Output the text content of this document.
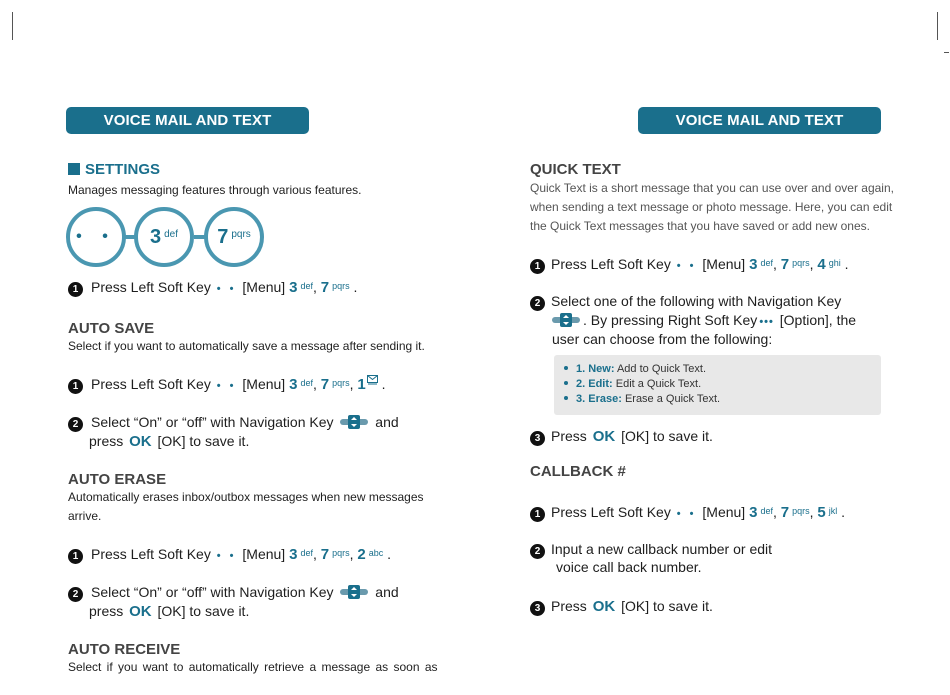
VOICE MAIL AND TEXT MESSAGE
SETTINGS
Manages messaging features through various features.
• •	3 $^{def}$	7 $^{pqrs}$
1 Press Left Soft Key • • [Menu] 3 $^{def}$, 7 $^{pqrs}$ .
AUTO SAVE
Select if you want to automatically save a message after sending it.
1 Press Left Soft Key • • [Menu] 3 $^{def}$, 7 $^{pqrs}$, 1 .
2 Select “On” or “off” with Navigation Key	and
press OK [OK] to save it.
AUTO ERASE
Automatically erases inbox/outbox messages when new messages
arrive.
1 Press Left Soft Key • • [Menu] 3 $^{def}$, 7 $^{pqrs}$, 2 $^{abc}$ .
2 Select “On” or “off” with Navigation Key	and
press OK [OK] to save it.
AUTO RECEIVE
Select if you want to automatically retrieve a message as soon as
VOICE MAIL AND TEXT MESSAGE
QUICK TEXT
Quick Text is a short message that you can use over and over again,
when sending a text message or photo message. Here, you can edit
the Quick Text messages that you have saved or add new ones.
1 Press Left Soft Key • • [Menu] 3 $^{def}$, 7 $^{pqrs}$, 4 $^{ghi}$ .
2 Select one of the following with Navigation Key
. By pressing Right Soft Key ••• [Option], the
user can choose from the following:
1. New: Add to Quick Text.
2. Edit: Edit a Quick Text.
3. Erase: Erase a Quick Text.
3 Press OK [OK] to save it.
CALLBACK #
1 Press Left Soft Key • • [Menu] 3 $^{def}$, 7 $^{pqrs}$, 5 $^{jkl}$ .
2 Input a new callback number or edit
voice call back number.
3 Press OK [OK] to save it.
